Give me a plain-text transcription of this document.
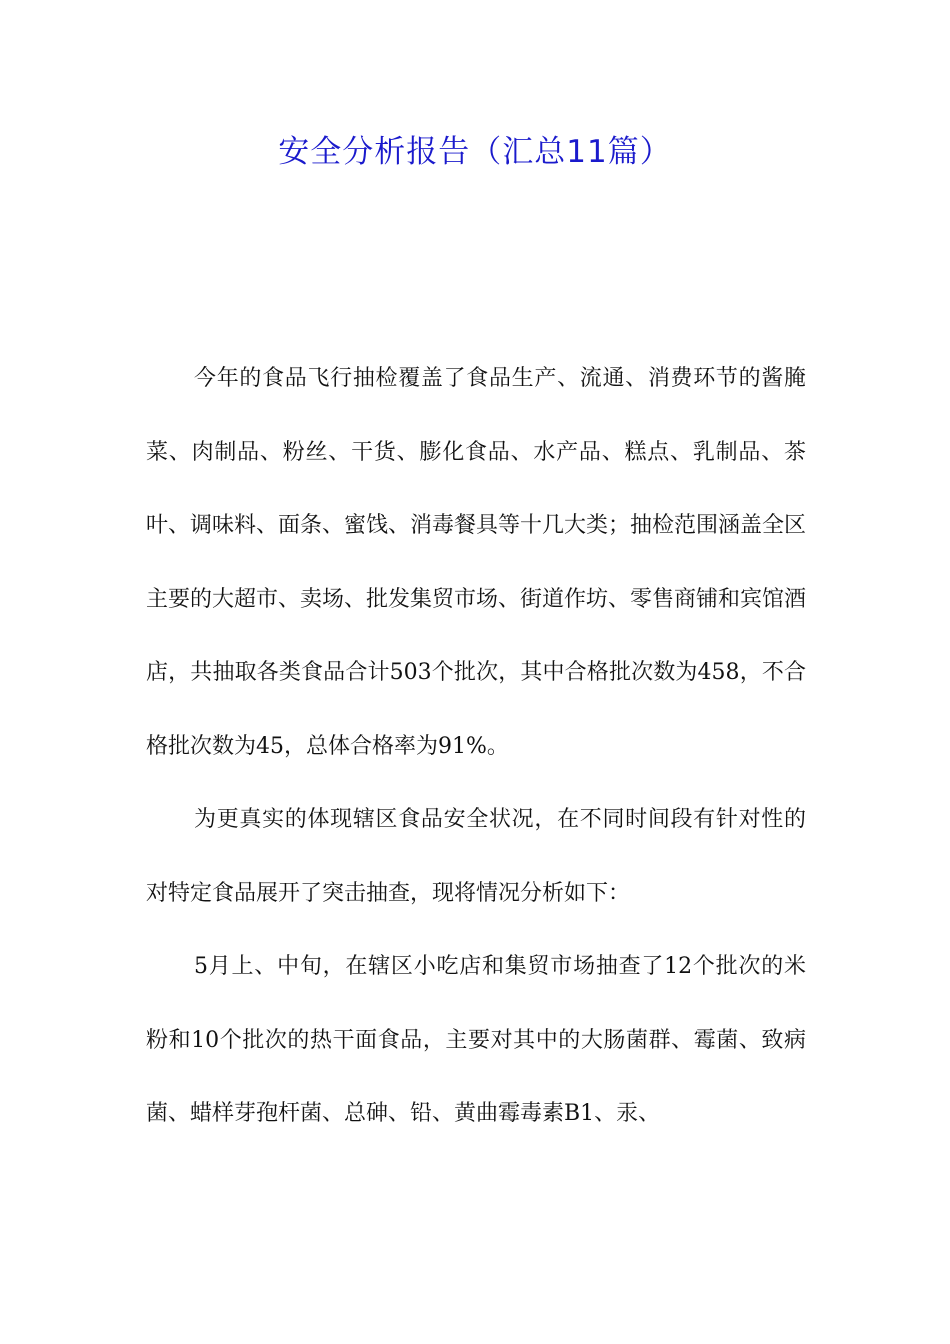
安全分析报告（汇总11篇）

今年的食品飞行抽检覆盖了食品生产、流通、消费环节的酱腌菜、肉制品、粉丝、干货、膨化食品、水产品、糕点、乳制品、茶叶、调味料、面条、蜜饯、消毒餐具等十几大类；抽检范围涵盖全区主要的大超市、卖场、批发集贸市场、街道作坊、零售商铺和宾馆酒店，共抽取各类食品合计503个批次，其中合格批次数为458，不合格批次数为45，总体合格率为91%。

为更真实的体现辖区食品安全状况，在不同时间段有针对性的对特定食品展开了突击抽查，现将情况分析如下：

5月上、中旬，在辖区小吃店和集贸市场抽查了12个批次的米粉和10个批次的热干面食品，主要对其中的大肠菌群、霉菌、致病菌、蜡样芽孢杆菌、总砷、铅、黄曲霉毒素B1、汞、
